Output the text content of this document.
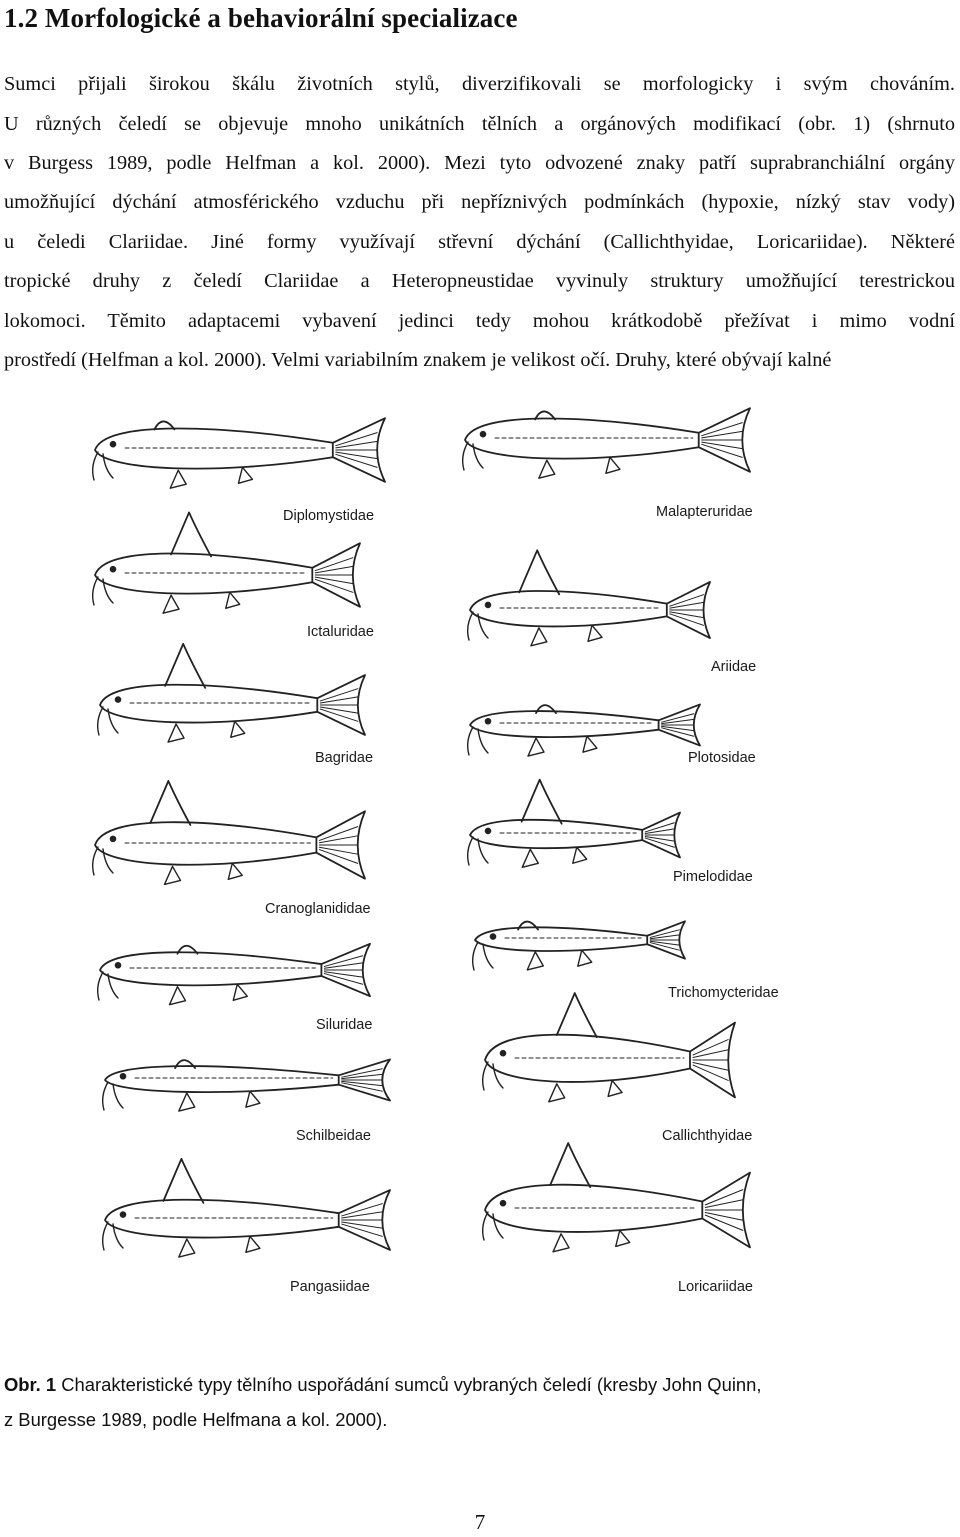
1.2 Morfologické a behaviorální specializace
Sumci přijali širokou škálu životních stylů, diverzifikovali se morfologicky i svým chováním.
U různých čeledí se objevuje mnoho unikátních tělních a orgánových modifikací (obr. 1) (shrnuto
v Burgess 1989, podle Helfman a kol. 2000). Mezi tyto odvozené znaky patří suprabranchiální orgány
umožňující dýchání atmosférického vzduchu při nepříznivých podmínkách (hypoxie, nízký stav vody)
u čeledi Clariidae. Jiné formy využívají střevní dýchání (Callichthyidae, Loricariidae). Některé
tropické druhy z čeledí Clariidae a Heteropneustidae vyvinuly struktury umožňující terestrickou
lokomoci. Těmito adaptacemi vybavení jedinci tedy mohou krátkodobě přežívat i mimo vodní
prostředí (Helfman a kol. 2000). Velmi variabilním znakem je velikost očí. Druhy, které obývají kalné
Diplomystidae
Ictaluridae
Bagridae
Cranoglanididae
Siluridae
Schilbeidae
Pangasiidae
Malapteruridae
Ariidae
Plotosidae
Pimelodidae
Trichomycteridae
Callichthyidae
Loricariidae
Obr. 1 Charakteristické typy tělního uspořádání sumců vybraných čeledí (kresby John Quinn,
z Burgesse 1989, podle Helfmana a kol. 2000).
7
